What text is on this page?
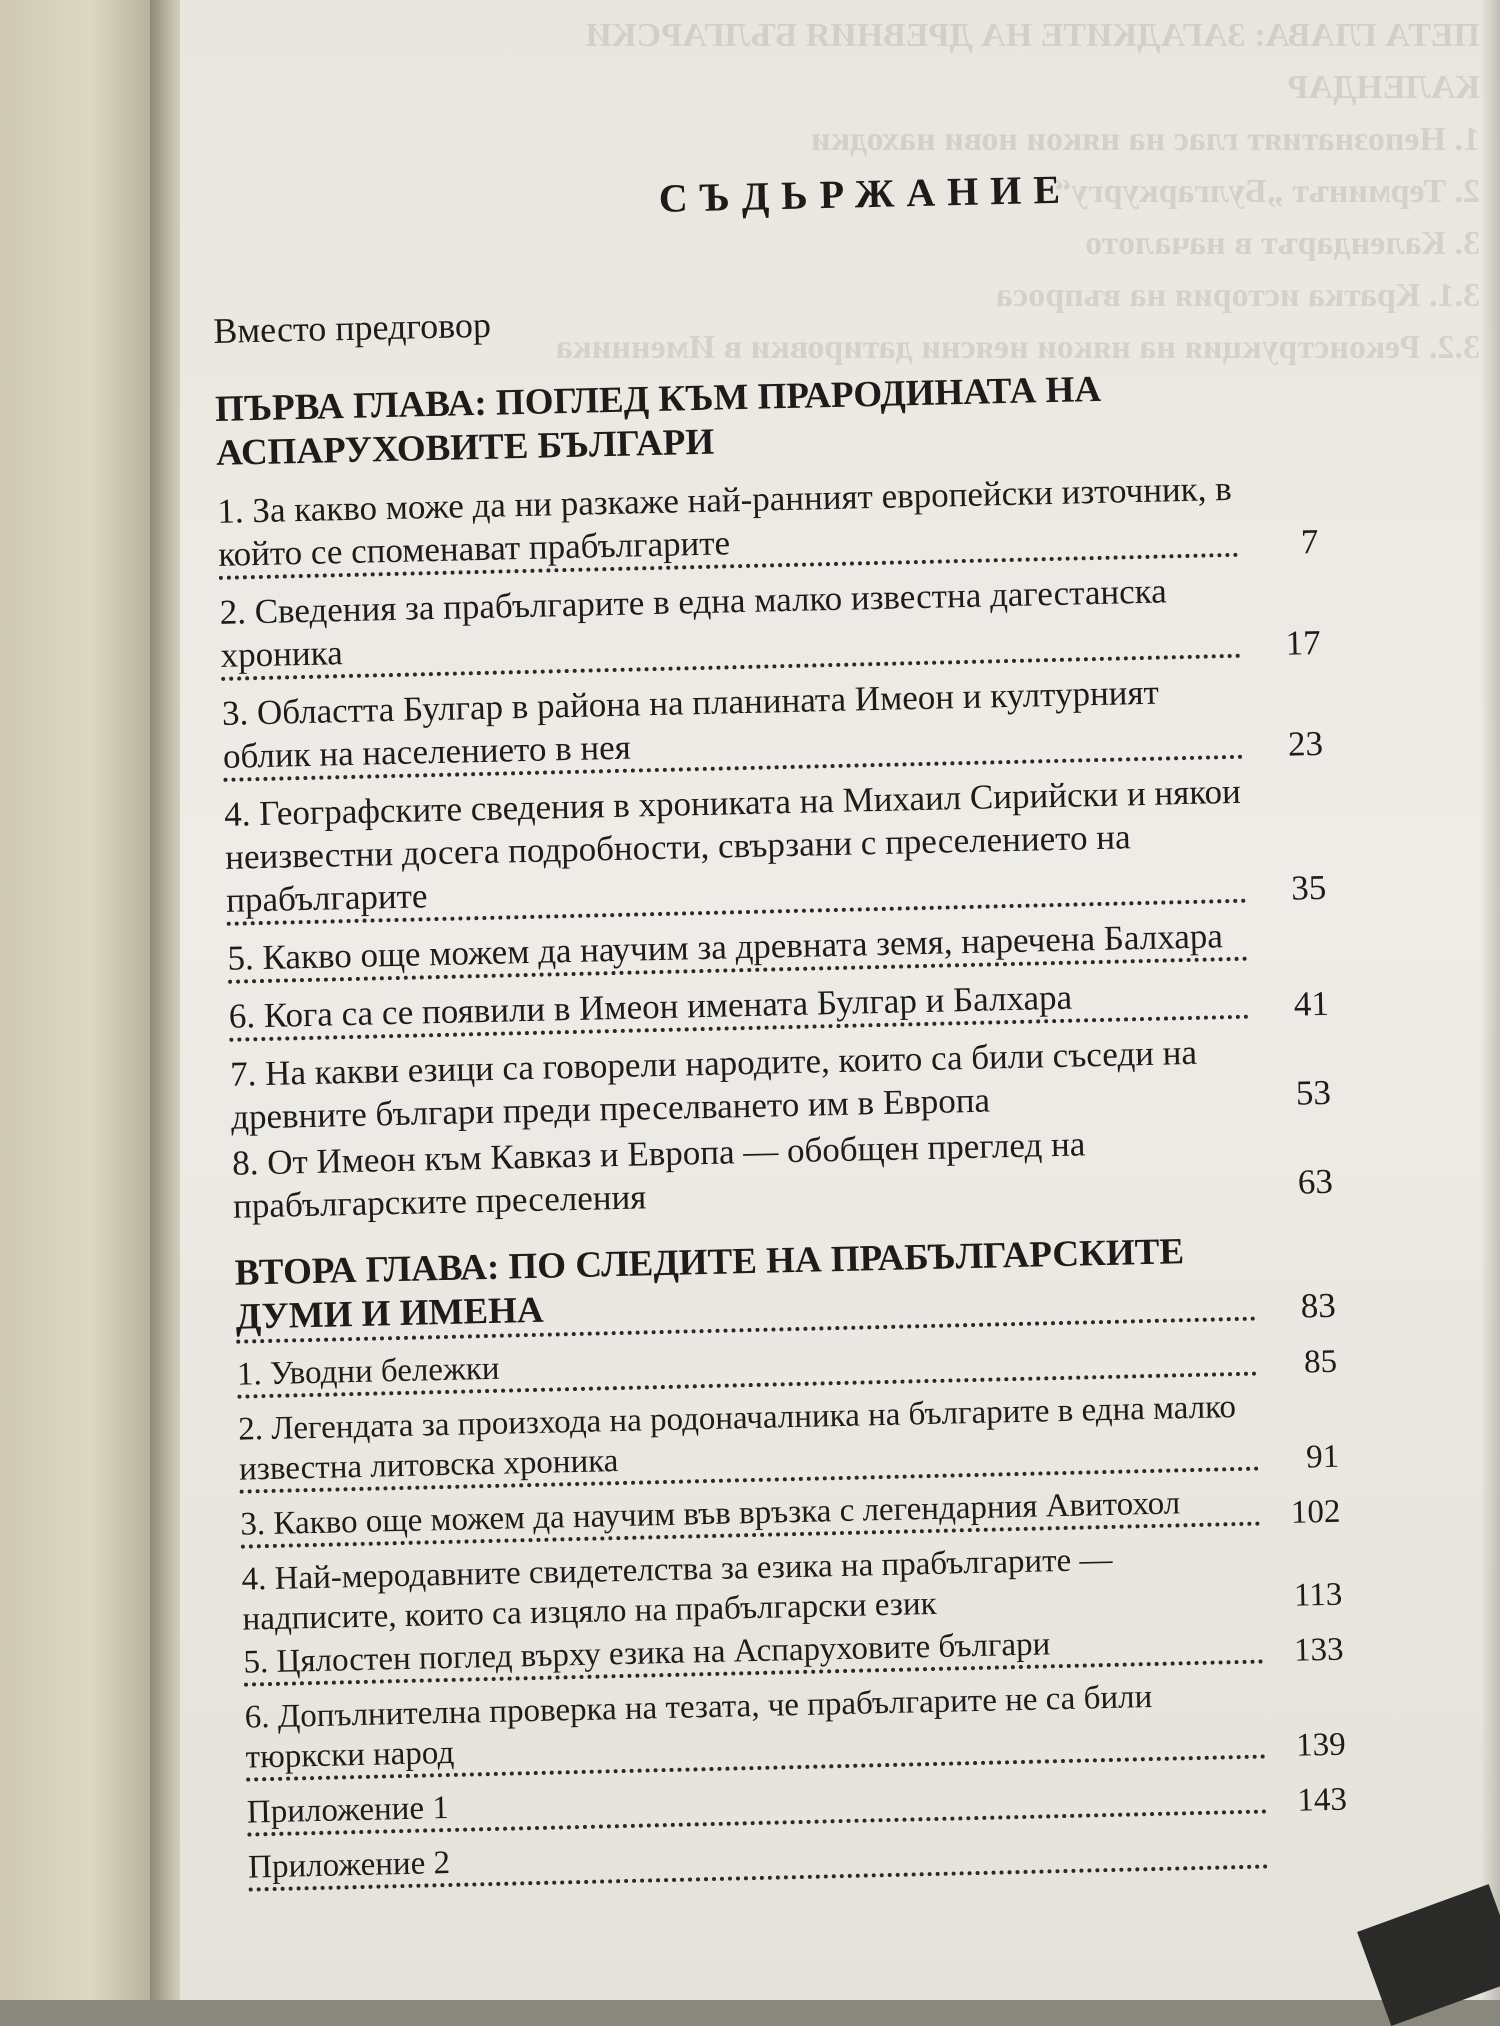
ПЕТА ГЛАВА: ЗАГАДКИТЕ НА ДРЕВНИЯ БЪЛГАРСКИ
КАЛЕНДАР
1. Непознатият глас на някои нови находки
2. Терминът „Булгаркургу“
3. Календарът в началото
3.1. Кратка история на въпроса
3.2. Реконструкция на някои неясни датировки в Именника
СЪДЬРЖАНИЕ
Вместо предговор
ПЪРВА ГЛАВА: ПОГЛЕД КЪМ ПРАРОДИНАТА НА АСПАРУХОВИТЕ БЪЛГАРИ
1. За какво може да ни разкаже най-ранният европейски източник, в който се споменават прабългарите	7
2. Сведения за прабългарите в една малко известна дагестанска хроника	17
3. Областта Булгар в района на планината Имеон и културният облик на населението в нея	23
4. Географските сведения в хрониката на Михаил Сирийски и някои неизвестни досега подробности, свързани с преселението на прабългарите	35
5. Какво още можем да научим за древната земя, наречена Балхара
6. Кога са се появили в Имеон имената Булгар и Балхара	41
7. На какви езици са говорели народите, които са били съседи на древните българи преди преселването им в Европа	53
8. От Имеон към Кавказ и Европа — обобщен преглед на прабългарските преселения	63
ВТОРА ГЛАВА: ПО СЛЕДИТЕ НА ПРАБЪЛГАРСКИТЕ ДУМИ И ИМЕНА	83
1. Уводни бележки	85
2. Легендата за произхода на родоначалника на българите в една малко известна литовска хроника	91
3. Какво още можем да научим във връзка с легендарния Авитохол	102
4. Най-меродавните свидетелства за езика на прабългарите — надписите, които са изцяло на прабългарски език	113
5. Цялостен поглед върху езика на Аспаруховите българи	133
6. Допълнителна проверка на тезата, че прабългарите не са били тюркски народ	139
Приложение 1	143
Приложение 2
